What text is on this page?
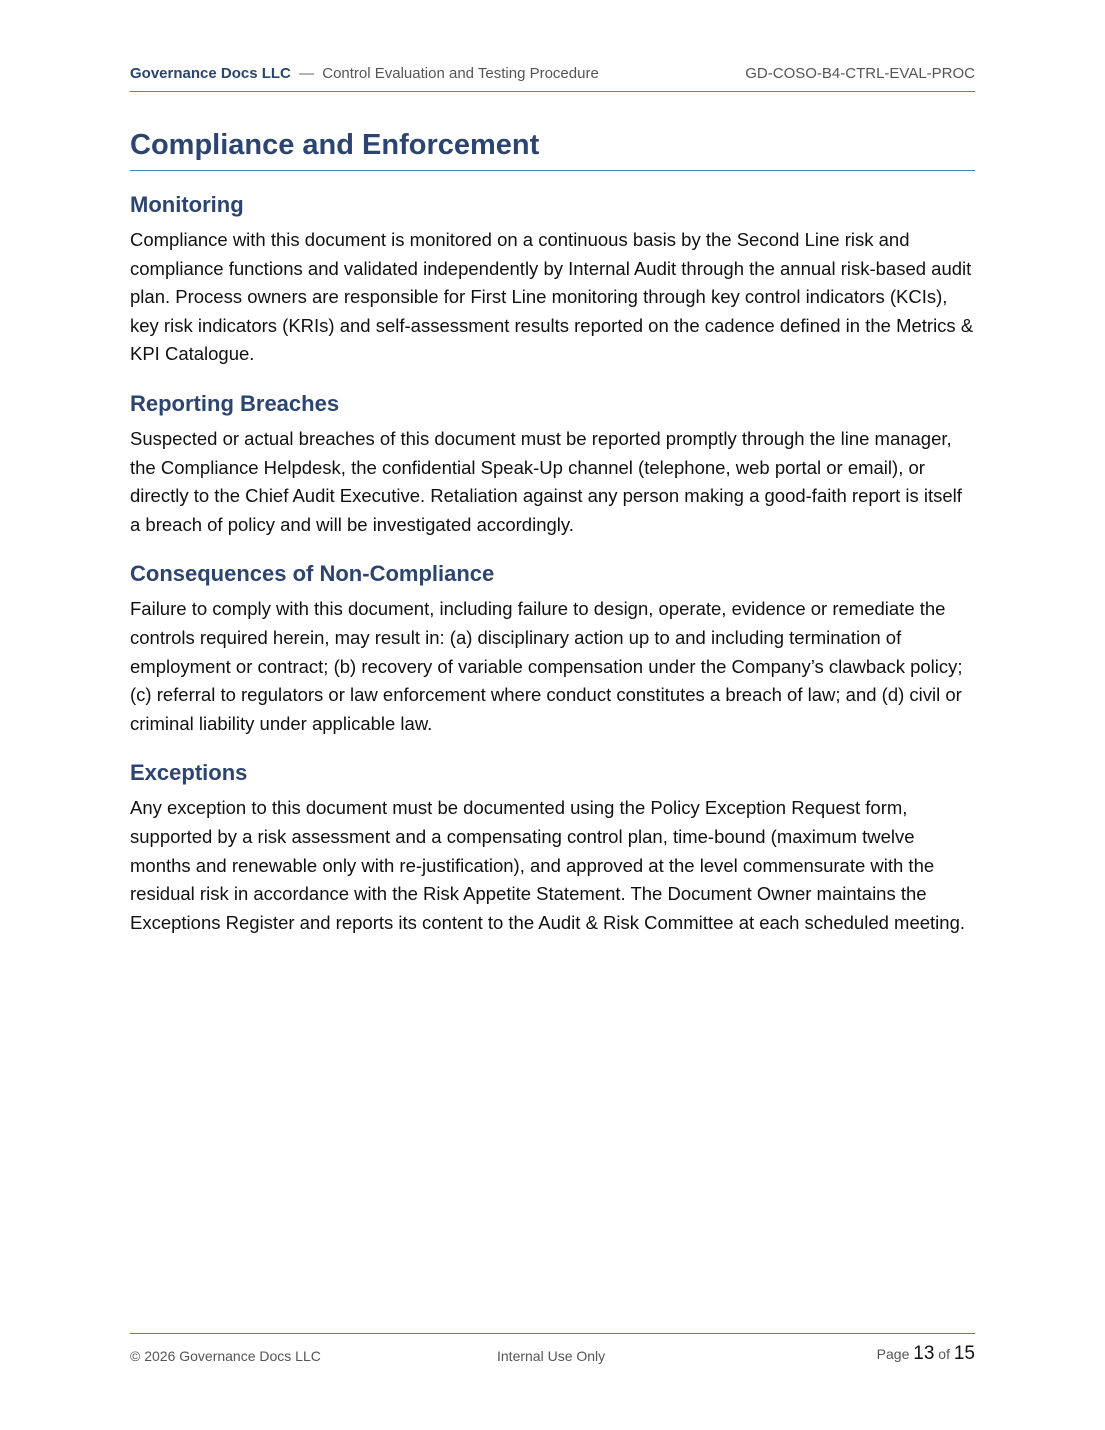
Governance Docs LLC — Control Evaluation and Testing Procedure	GD-COSO-B4-CTRL-EVAL-PROC
Compliance and Enforcement
Monitoring

Compliance with this document is monitored on a continuous basis by the Second Line risk and compliance functions and validated independently by Internal Audit through the annual risk-based audit plan. Process owners are responsible for First Line monitoring through key control indicators (KCIs), key risk indicators (KRIs) and self-assessment results reported on the cadence defined in the Metrics & KPI Catalogue.

Reporting Breaches

Suspected or actual breaches of this document must be reported promptly through the line manager, the Compliance Helpdesk, the confidential Speak-Up channel (telephone, web portal or email), or directly to the Chief Audit Executive. Retaliation against any person making a good-faith report is itself a breach of policy and will be investigated accordingly.

Consequences of Non-Compliance

Failure to comply with this document, including failure to design, operate, evidence or remediate the controls required herein, may result in: (a) disciplinary action up to and including termination of employment or contract; (b) recovery of variable compensation under the Company’s clawback policy; (c) referral to regulators or law enforcement where conduct constitutes a breach of law; and (d) civil or criminal liability under applicable law.

Exceptions

Any exception to this document must be documented using the Policy Exception Request form, supported by a risk assessment and a compensating control plan, time-bound (maximum twelve months and renewable only with re-justification), and approved at the level commensurate with the residual risk in accordance with the Risk Appetite Statement. The Document Owner maintains the Exceptions Register and reports its content to the Audit & Risk Committee at each scheduled meeting.

© 2026 Governance Docs LLC	Internal Use Only	Page 13 of 15
